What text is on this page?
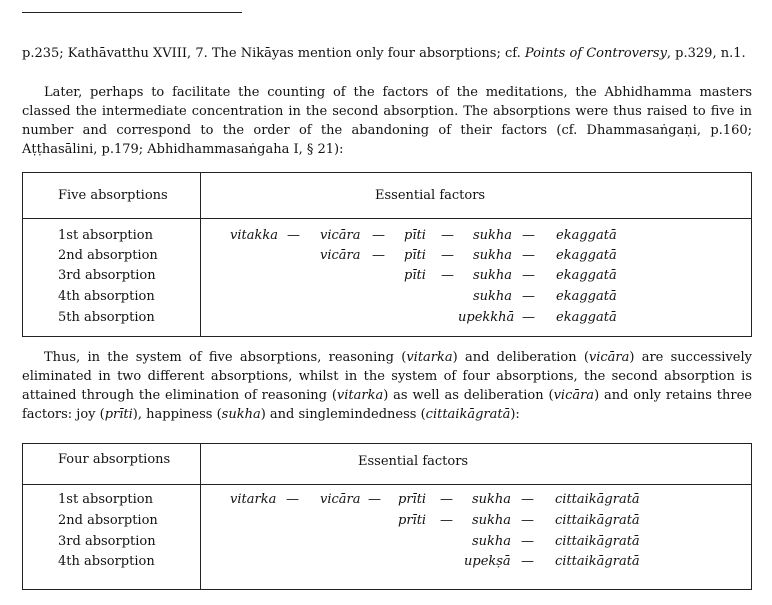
p.235; Kathāvatthu XVIII, 7. The Nikāyas mention only four absorptions; cf. Points of Controversy, p.329, n.1.
Later, perhaps to facilitate the counting of the factors of the meditations, the Abhidhamma masters classed the intermediate concentration in the second absorption. The absorptions were thus raised to five in number and correspond to the order of the abandoning of their factors (cf. Dhammasaṅgaṇi, p.160; Aṭṭhasālini, p.179; Abhidhammasaṅgaha I, § 21):
Five absorptions	Essential factors
1st absorption
2nd absorption
3rd absorption
4th absorption
5th absorption
vitakka — vicāra — pīti — sukha — ekaggatā
vicāra — pīti — sukha — ekaggatā
pīti — sukha — ekaggatā
sukha — ekaggatā
upekkhā — ekaggatā
Thus, in the system of five absorptions, reasoning (vitarka) and deliberation (vicāra) are successively eliminated in two different absorptions, whilst in the system of four absorptions, the second absorption is attained through the elimination of reasoning (vitarka) as well as deliberation (vicāra) and only retains three factors: joy (prīti), happiness (sukha) and singlemindedness (cittaikāgratā):
Four absorptions	Essential factors
1st absorption
2nd absorption
3rd absorption
4th absorption
vitarka — vicāra — prīti — sukha — cittaikāgratā
prīti — sukha — cittaikāgratā
sukha — cittaikāgratā
upekṣā — cittaikāgratā
